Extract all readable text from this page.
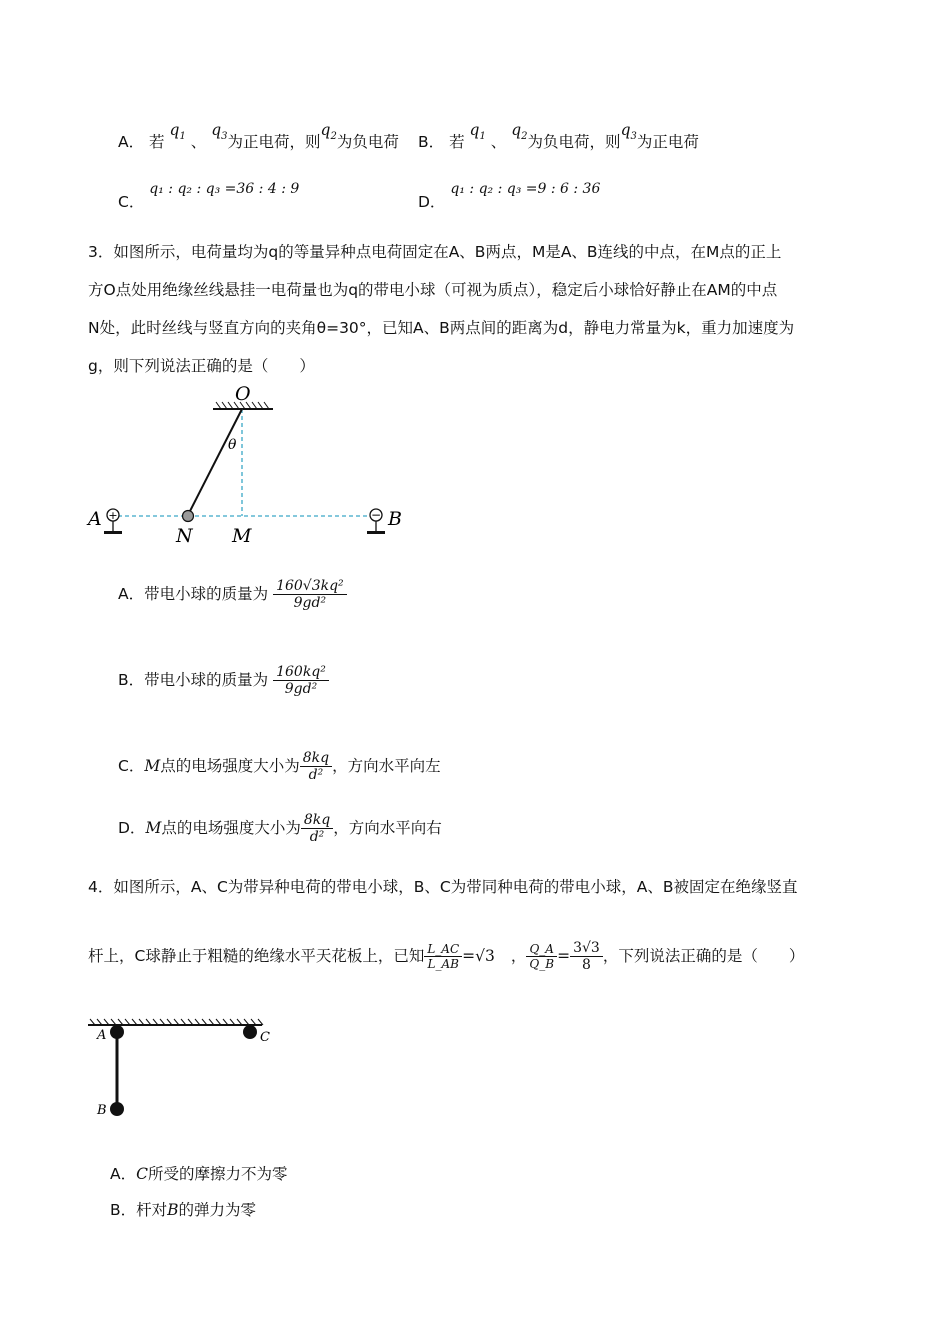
A． 若 $q_1$ 、 $q_3$为正电荷，则$q_2$为负电荷 B． 若 $q_1$ 、 $q_2$为负电荷，则$q_3$为正电荷
C． q₁ : q₂ : q₃ =36 : 4 : 9
D． q₁ : q₂ : q₃ =9 : 6 : 36
3．如图所示，电荷量均为q的等量异种点电荷固定在A、B两点，M是A、B连线的中点，在M点的正上
方O点处用绝缘丝线悬挂一电荷量也为q的带电小球（可视为质点），稳定后小球恰好静止在AM的中点
N处，此时丝线与竖直方向的夹角θ=30°，已知A、B两点间的距离为d，静电力常量为k，重力加速度为
g，则下列说法正确的是（　　）
O
θ
+	−
A	B
N M
A．带电小球的质量为 $\frac{\text{160√3kq²}}{\text{9gd²}}$
B．带电小球的质量为 $\frac{\text{160kq²}}{\text{9gd²}}$
C．M点的电场强度大小为 $\frac{8kq}{\text{d²}}$ ，方向水平向左
D．M点的电场强度大小为 $\frac{8kq}{\text{d²}}$ ，方向水平向右
4．如图所示，A、C为带异种电荷的带电小球，B、C为带同种电荷的带电小球，A、B被固定在绝缘竖直
杆上，C球静止于粗糙的绝缘水平天花板上，已知 $\frac{L\_AC}{L\_AB} =√3$ ， $\frac{Q\_A}{Q\_B} = \frac{3√3}{8}$ ，下列说法正确的是（　　）
A
B
C
A．C所受的摩擦力不为零
B．杆对B的弹力为零
